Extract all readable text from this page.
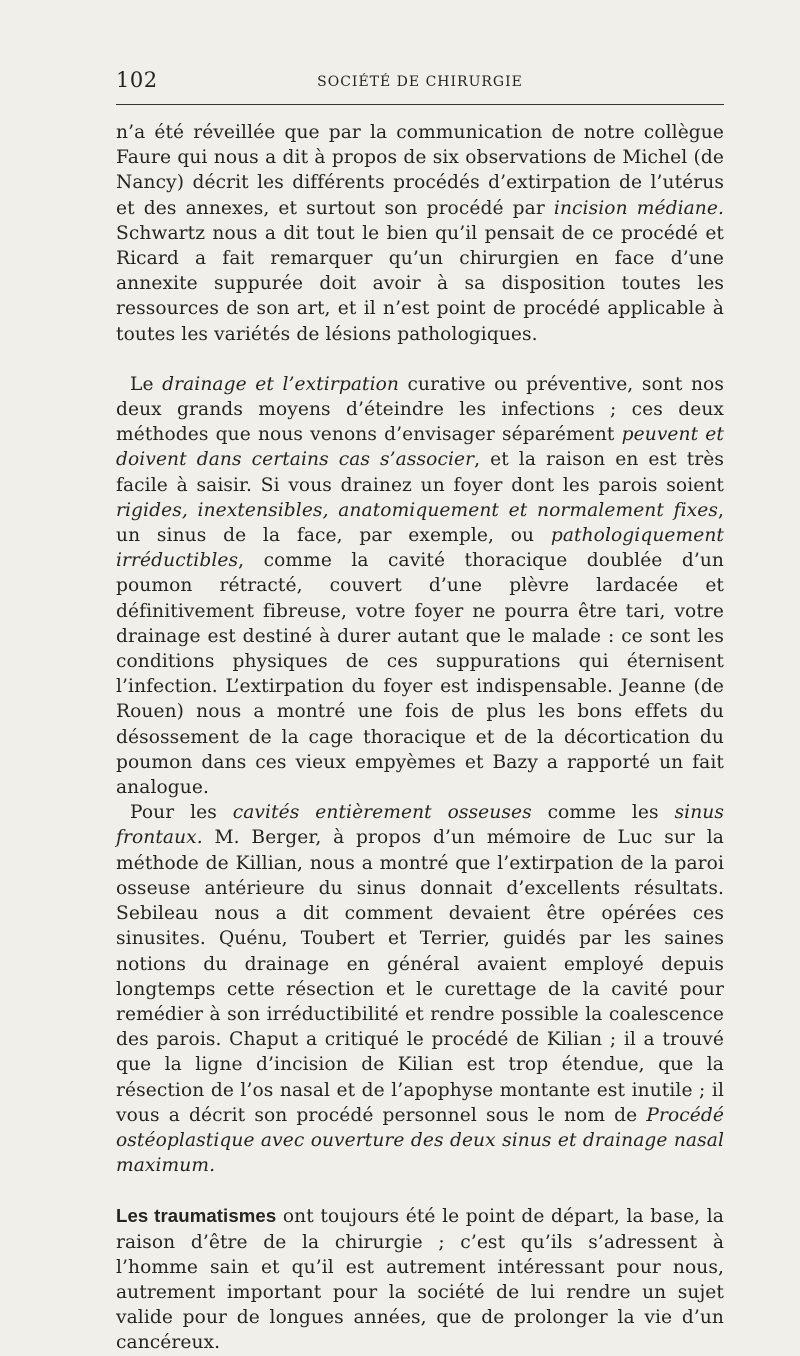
102	SOCIÉTÉ DE CHIRURGIE

n’a été réveillée que par la communication de notre collègue Faure qui nous a dit à propos de six observations de Michel (de Nancy) décrit les différents procédés d’extirpation de l’utérus et des annexes, et surtout son procédé par incision médiane. Schwartz nous a dit tout le bien qu’il pensait de ce procédé et Ricard a fait remarquer qu’un chirurgien en face d’une annexite suppurée doit avoir à sa disposition toutes les ressources de son art, et il n’est point de procédé applicable à toutes les variétés de lésions pathologiques.

Le drainage et l’extirpation curative ou préventive, sont nos deux grands moyens d’éteindre les infections ; ces deux méthodes que nous venons d’envisager séparément peuvent et doivent dans certains cas s’associer, et la raison en est très facile à saisir. Si vous drainez un foyer dont les parois soient rigides, inextensibles, anatomiquement et normalement fixes, un sinus de la face, par exemple, ou pathologiquement irréductibles, comme la cavité thoracique doublée d’un poumon rétracté, couvert d’une plèvre lardacée et définitivement fibreuse, votre foyer ne pourra être tari, votre drainage est destiné à durer autant que le malade : ce sont les conditions physiques de ces suppurations qui éternisent l’infection. L’extirpation du foyer est indispensable. Jeanne (de Rouen) nous a montré une fois de plus les bons effets du désossement de la cage thoracique et de la décortication du poumon dans ces vieux empyèmes et Bazy a rapporté un fait analogue.

Pour les cavités entièrement osseuses comme les sinus frontaux. M. Berger, à propos d’un mémoire de Luc sur la méthode de Killian, nous a montré que l’extirpation de la paroi osseuse antérieure du sinus donnait d’excellents résultats. Sebileau nous a dit comment devaient être opérées ces sinusites. Quénu, Toubert et Terrier, guidés par les saines notions du drainage en général avaient employé depuis longtemps cette résection et le curettage de la cavité pour remédier à son irréductibilité et rendre possible la coalescence des parois. Chaput a critiqué le procédé de Kilian ; il a trouvé que la ligne d’incision de Kilian est trop étendue, que la résection de l’os nasal et de l’apophyse montante est inutile ; il vous a décrit son procédé personnel sous le nom de Procédé ostéoplastique avec ouverture des deux sinus et drainage nasal maximum.

Les traumatismes ont toujours été le point de départ, la base, la raison d’être de la chirurgie ; c’est qu’ils s’adressent à l’homme sain et qu’il est autrement intéressant pour nous, autrement important pour la société de lui rendre un sujet valide pour de longues années, que de prolonger la vie d’un cancéreux.
